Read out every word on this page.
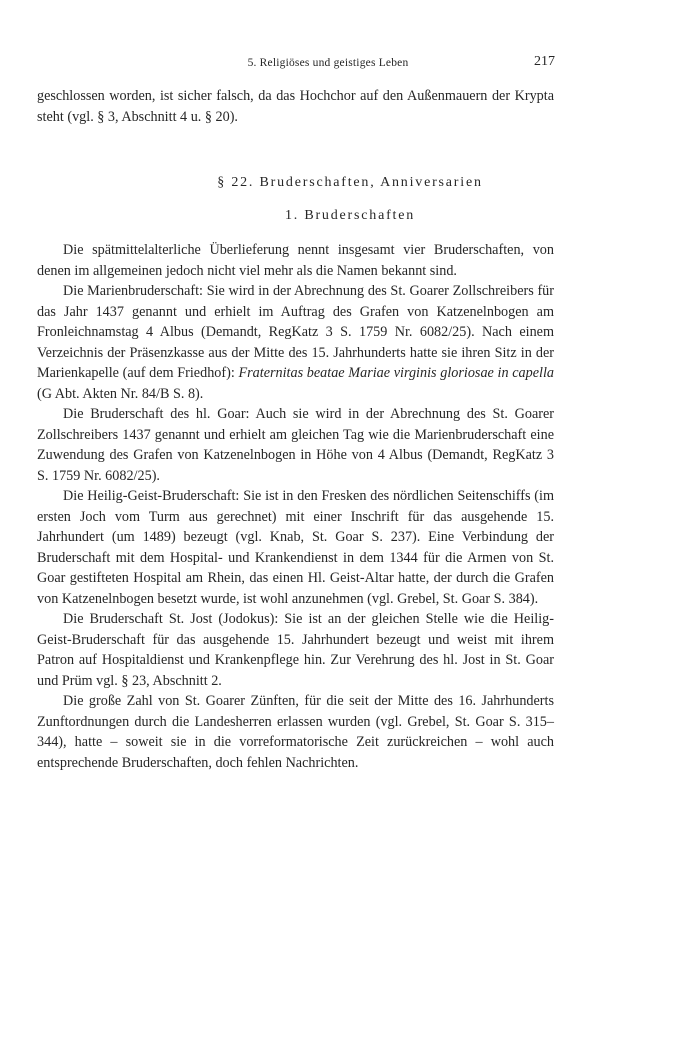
5. Religiöses und geistiges Leben	217

geschlossen worden, ist sicher falsch, da das Hochchor auf den Außenmauern der Krypta steht (vgl. § 3, Abschnitt 4 u. § 20).

§ 22. Bruderschaften, Anniversarien
1. Bruderschaften

Die spätmittelalterliche Überlieferung nennt insgesamt vier Bruderschaften, von denen im allgemeinen jedoch nicht viel mehr als die Namen bekannt sind.

Die Marienbruderschaft: Sie wird in der Abrechnung des St. Goarer Zollschreibers für das Jahr 1437 genannt und erhielt im Auftrag des Grafen von Katzenelnbogen am Fronleichnamstag 4 Albus (Demandt, RegKatz 3 S. 1759 Nr. 6082/25). Nach einem Verzeichnis der Präsenzkasse aus der Mitte des 15. Jahrhunderts hatte sie ihren Sitz in der Marienkapelle (auf dem Friedhof): Fraternitas beatae Mariae virginis gloriosae in capella (G Abt. Akten Nr. 84/B S. 8).

Die Bruderschaft des hl. Goar: Auch sie wird in der Abrechnung des St. Goarer Zollschreibers 1437 genannt und erhielt am gleichen Tag wie die Marienbruderschaft eine Zuwendung des Grafen von Katzenelnbogen in Höhe von 4 Albus (Demandt, RegKatz 3 S. 1759 Nr. 6082/25).

Die Heilig-Geist-Bruderschaft: Sie ist in den Fresken des nördlichen Seitenschiffs (im ersten Joch vom Turm aus gerechnet) mit einer Inschrift für das ausgehende 15. Jahrhundert (um 1489) bezeugt (vgl. Knab, St. Goar S. 237). Eine Verbindung der Bruderschaft mit dem Hospital- und Krankendienst in dem 1344 für die Armen von St. Goar gestifteten Hospital am Rhein, das einen Hl. Geist-Altar hatte, der durch die Grafen von Katzenelnbogen besetzt wurde, ist wohl anzunehmen (vgl. Grebel, St. Goar S. 384).

Die Bruderschaft St. Jost (Jodokus): Sie ist an der gleichen Stelle wie die Heilig-Geist-Bruderschaft für das ausgehende 15. Jahrhundert bezeugt und weist mit ihrem Patron auf Hospitaldienst und Krankenpflege hin. Zur Verehrung des hl. Jost in St. Goar und Prüm vgl. § 23, Abschnitt 2.

Die große Zahl von St. Goarer Zünften, für die seit der Mitte des 16. Jahrhunderts Zunftordnungen durch die Landesherren erlassen wurden (vgl. Grebel, St. Goar S. 315–344), hatte – soweit sie in die vorreformatorische Zeit zurückreichen – wohl auch entsprechende Bruderschaften, doch fehlen Nachrichten.
